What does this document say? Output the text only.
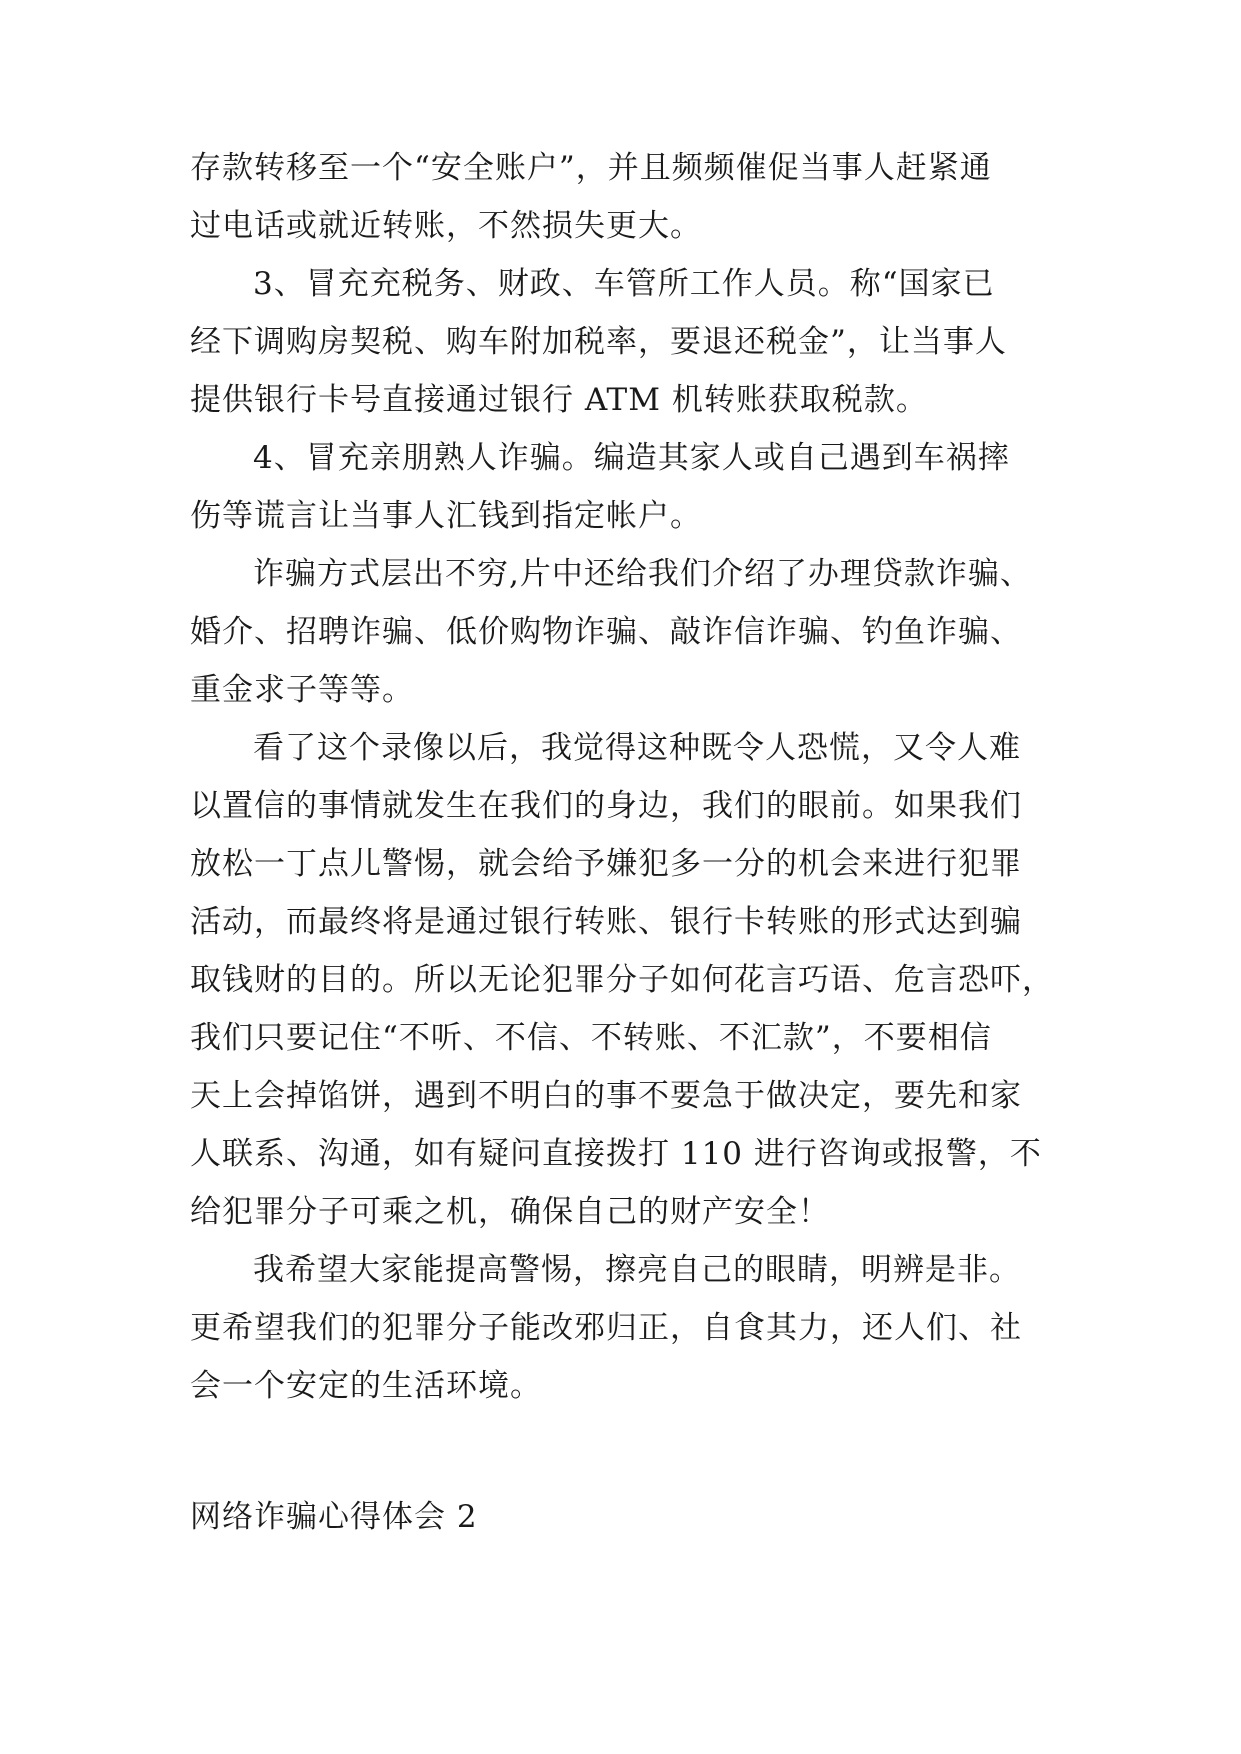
存款转移至一个“安全账户”，并且频频催促当事人赶紧通
过电话或就近转账，不然损失更大。
3、冒充充税务、财政、车管所工作人员。称“国家已
经下调购房契税、购车附加税率，要退还税金”，让当事人
提供银行卡号直接通过银行 ATM 机转账获取税款。
4、冒充亲朋熟人诈骗。编造其家人或自己遇到车祸摔
伤等谎言让当事人汇钱到指定帐户。
诈骗方式层出不穷,片中还给我们介绍了办理贷款诈骗、
婚介、招聘诈骗、低价购物诈骗、敲诈信诈骗、钓鱼诈骗、
重金求子等等。
看了这个录像以后，我觉得这种既令人恐慌，又令人难
以置信的事情就发生在我们的身边，我们的眼前。如果我们
放松一丁点儿警惕，就会给予嫌犯多一分的机会来进行犯罪
活动，而最终将是通过银行转账、银行卡转账的形式达到骗
取钱财的目的。所以无论犯罪分子如何花言巧语、危言恐吓，
我们只要记住“不听、不信、不转账、不汇款”，不要相信
天上会掉馅饼，遇到不明白的事不要急于做决定，要先和家
人联系、沟通，如有疑问直接拨打 110 进行咨询或报警，不
给犯罪分子可乘之机，确保自己的财产安全！
我希望大家能提高警惕，擦亮自己的眼睛，明辨是非。
更希望我们的犯罪分子能改邪归正，自食其力，还人们、社
会一个安定的生活环境。
网络诈骗心得体会 2
